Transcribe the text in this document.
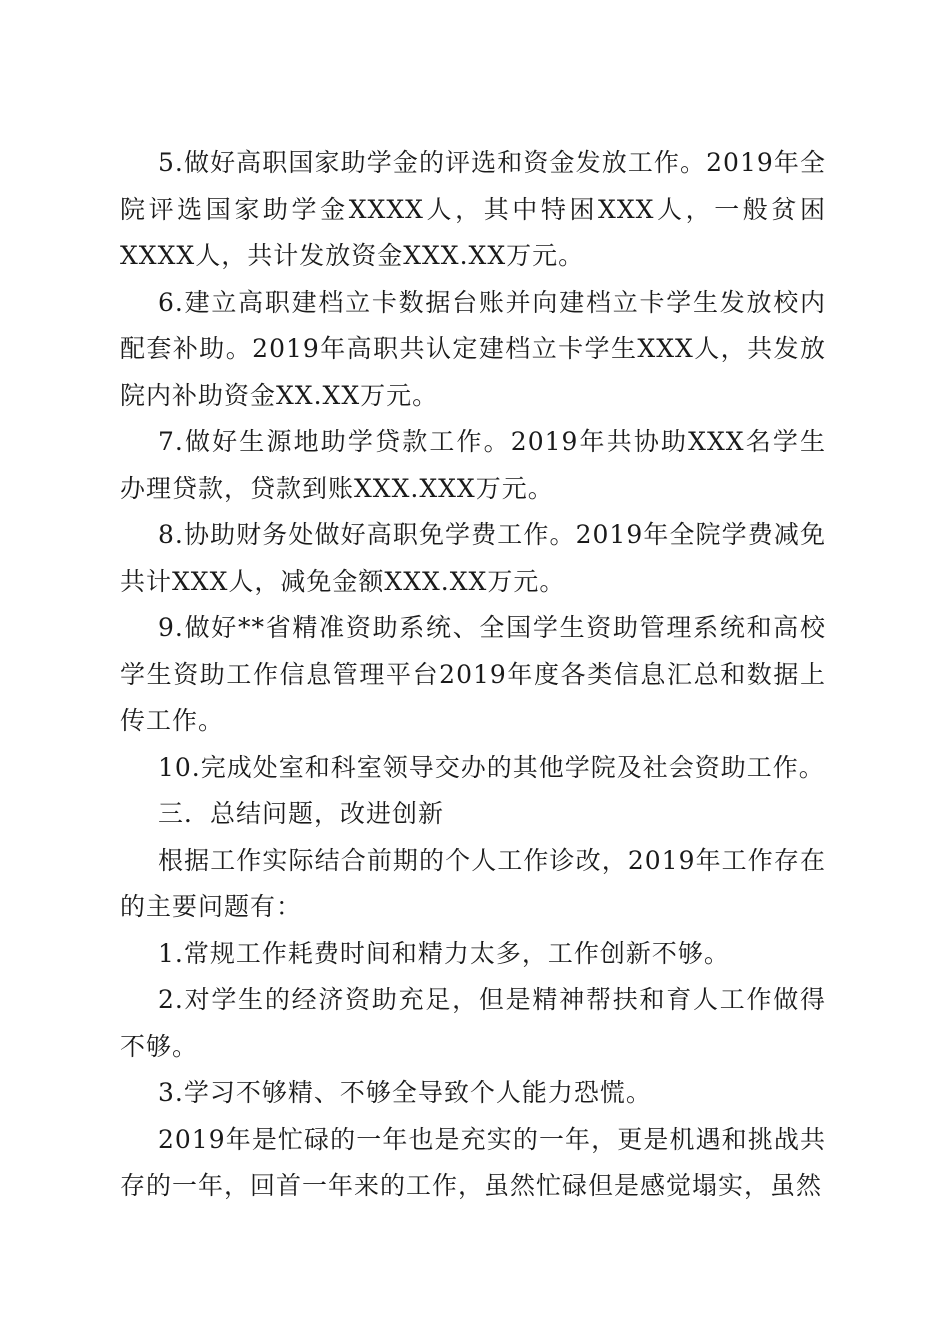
5.做好高职国家助学金的评选和资金发放工作。2019年全院评选国家助学金XXXX人，其中特困XXX人，一般贫困XXXX人，共计发放资金XXX.XX万元。

6.建立高职建档立卡数据台账并向建档立卡学生发放校内配套补助。2019年高职共认定建档立卡学生XXX人，共发放院内补助资金XX.XX万元。

7.做好生源地助学贷款工作。2019年共协助XXX名学生办理贷款，贷款到账XXX.XXX万元。

8.协助财务处做好高职免学费工作。2019年全院学费减免共计XXX人，减免金额XXX.XX万元。

9.做好**省精准资助系统、全国学生资助管理系统和高校学生资助工作信息管理平台2019年度各类信息汇总和数据上传工作。

10.完成处室和科室领导交办的其他学院及社会资助工作。

三．总结问题，改进创新

根据工作实际结合前期的个人工作诊改，2019年工作存在的主要问题有：

1.常规工作耗费时间和精力太多，工作创新不够。

2.对学生的经济资助充足，但是精神帮扶和育人工作做得不够。

3.学习不够精、不够全导致个人能力恐慌。

2019年是忙碌的一年也是充实的一年，更是机遇和挑战共存的一年，回首一年来的工作，虽然忙碌但是感觉塌实，虽然
